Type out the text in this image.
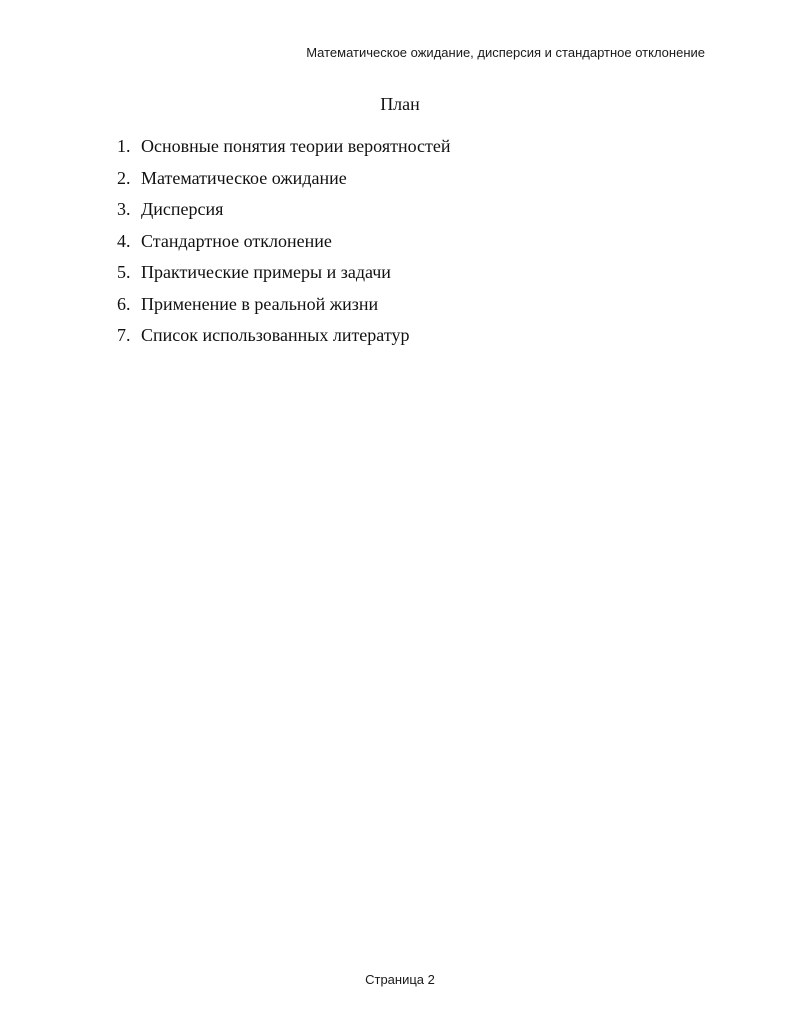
Математическое ожидание, дисперсия и стандартное отклонение
План
1. Основные понятия теории вероятностей
2. Математическое ожидание
3. Дисперсия
4. Стандартное отклонение
5. Практические примеры и задачи
6. Применение в реальной жизни
7. Список использованных литератур
Страница 2
